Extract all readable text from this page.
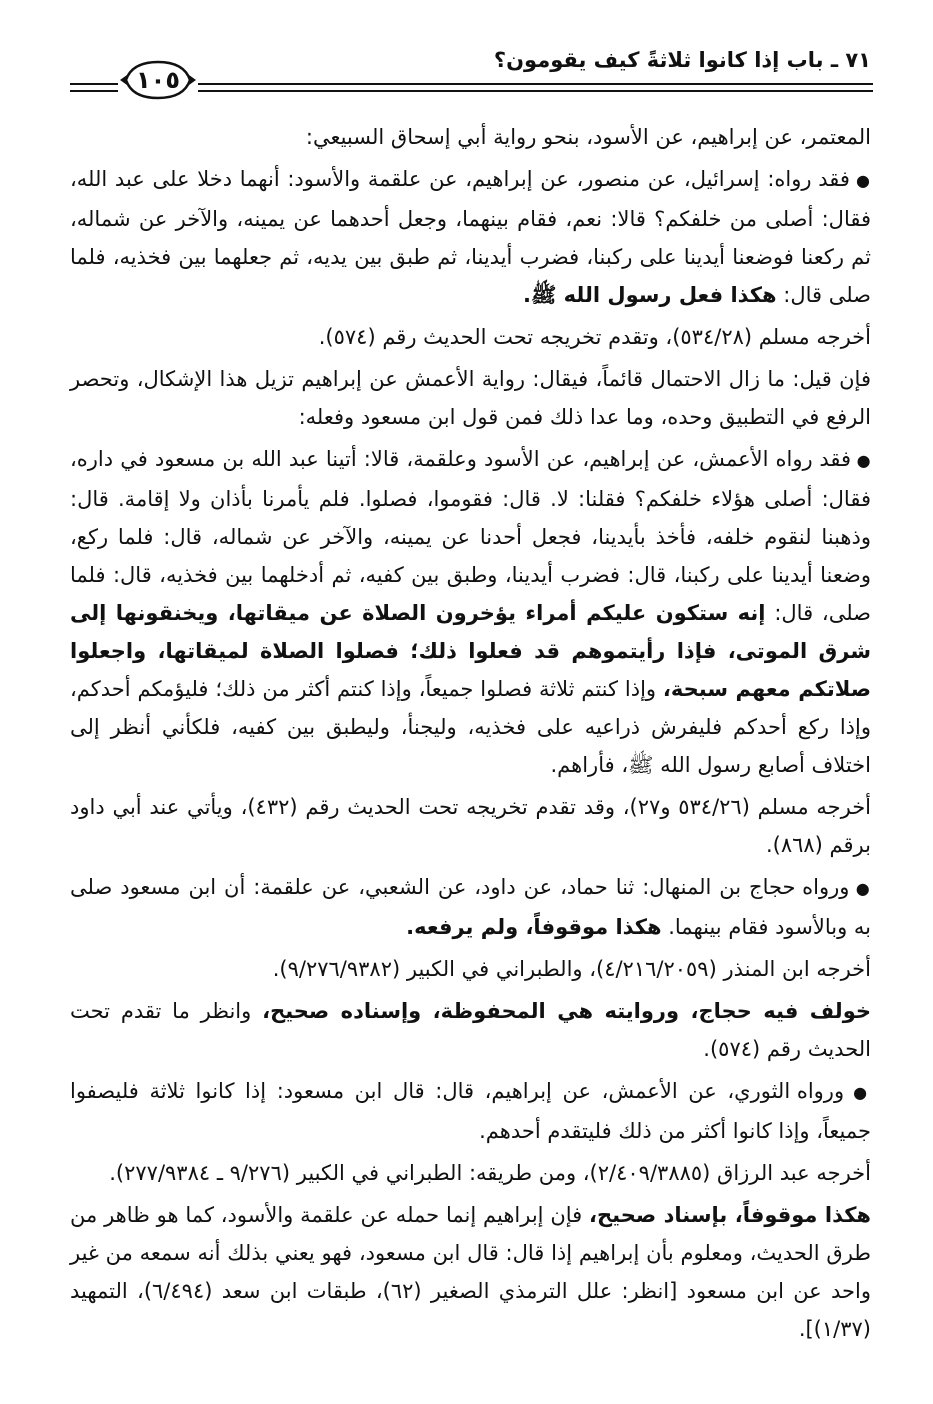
٧١ ـ باب إذا كانوا ثلاثةً كيف يقومون؟
١٠٥

المعتمر، عن إبراهيم، عن الأسود، بنحو رواية أبي إسحاق السبيعي:

● فقد رواه: إسرائيل، عن منصور، عن إبراهيم، عن علقمة والأسود: أنهما دخلا على عبد الله، فقال: أصلى من خلفكم؟ قالا: نعم، فقام بينهما، وجعل أحدهما عن يمينه، والآخر عن شماله، ثم ركعنا فوضعنا أيدينا على ركبنا، فضرب أيدينا، ثم طبق بين يديه، ثم جعلهما بين فخذيه، فلما صلى قال: هكذا فعل رسول الله ﷺ.

أخرجه مسلم (٥٣٤/٢٨)، وتقدم تخريجه تحت الحديث رقم (٥٧٤).

فإن قيل: ما زال الاحتمال قائماً، فيقال: رواية الأعمش عن إبراهيم تزيل هذا الإشكال، وتحصر الرفع في التطبيق وحده، وما عدا ذلك فمن قول ابن مسعود وفعله:

● فقد رواه الأعمش، عن إبراهيم، عن الأسود وعلقمة، قالا: أتينا عبد الله بن مسعود في داره، فقال: أصلى هؤلاء خلفكم؟ فقلنا: لا. قال: فقوموا، فصلوا. فلم يأمرنا بأذان ولا إقامة. قال: وذهبنا لنقوم خلفه، فأخذ بأيدينا، فجعل أحدنا عن يمينه، والآخر عن شماله، قال: فلما ركع، وضعنا أيدينا على ركبنا، قال: فضرب أيدينا، وطبق بين كفيه، ثم أدخلهما بين فخذيه، قال: فلما صلى، قال: إنه ستكون عليكم أمراء يؤخرون الصلاة عن ميقاتها، ويخنقونها إلى شرق الموتى، فإذا رأيتموهم قد فعلوا ذلك؛ فصلوا الصلاة لميقاتها، واجعلوا صلاتكم معهم سبحة، وإذا كنتم ثلاثة فصلوا جميعاً، وإذا كنتم أكثر من ذلك؛ فليؤمكم أحدكم، وإذا ركع أحدكم فليفرش ذراعيه على فخذيه، وليجنأ، وليطبق بين كفيه، فلكأني أنظر إلى اختلاف أصابع رسول الله ﷺ، فأراهم.

أخرجه مسلم (٥٣٤/٢٦ و٢٧)، وقد تقدم تخريجه تحت الحديث رقم (٤٣٢)، ويأتي عند أبي داود برقم (٨٦٨).

● ورواه حجاج بن المنهال: ثنا حماد، عن داود، عن الشعبي، عن علقمة: أن ابن مسعود صلى به وبالأسود فقام بينهما. هكذا موقوفاً، ولم يرفعه.

أخرجه ابن المنذر (٤/٢١٦/٢٠٥٩)، والطبراني في الكبير (٩/٢٧٦/٩٣٨٢).

خولف فيه حجاج، وروايته هي المحفوظة، وإسناده صحيح، وانظر ما تقدم تحت الحديث رقم (٥٧٤).

● ورواه الثوري، عن الأعمش، عن إبراهيم، قال: قال ابن مسعود: إذا كانوا ثلاثة فليصفوا جميعاً، وإذا كانوا أكثر من ذلك فليتقدم أحدهم.

أخرجه عبد الرزاق (٢/٤٠٩/٣٨٨٥)، ومن طريقه: الطبراني في الكبير (٩/٢٧٦ ـ ٢٧٧/٩٣٨٤).

هكذا موقوفاً، بإسناد صحيح، فإن إبراهيم إنما حمله عن علقمة والأسود، كما هو ظاهر من طرق الحديث، ومعلوم بأن إبراهيم إذا قال: قال ابن مسعود، فهو يعني بذلك أنه سمعه من غير واحد عن ابن مسعود [انظر: علل الترمذي الصغير (٦٢)، طبقات ابن سعد (٦/٤٩٤)، التمهيد (١/٣٧)].
